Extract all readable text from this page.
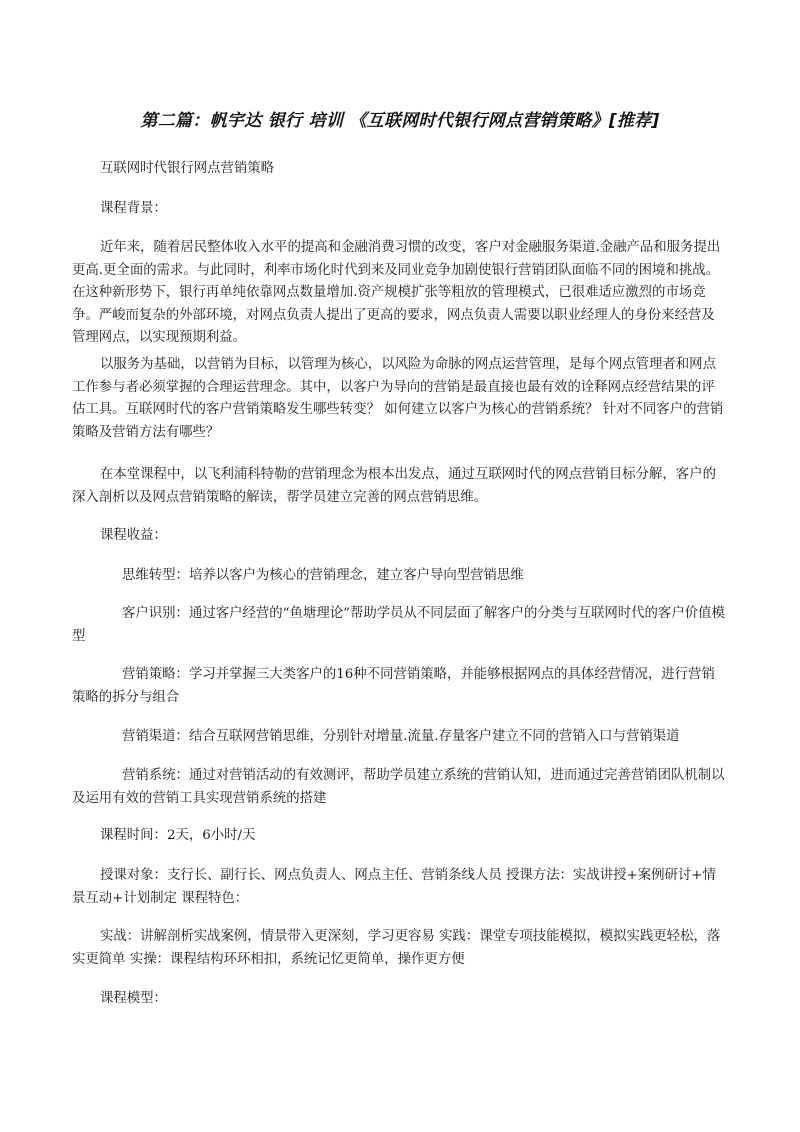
第二篇：帆宇达 银行 培训 《互联网时代银行网点营销策略》[推荐]

互联网时代银行网点营销策略

课程背景：

近年来，随着居民整体收入水平的提高和金融消费习惯的改变，客户对金融服务渠道.金融产品和服务提出更高.更全面的需求。与此同时，利率市场化时代到来及同业竞争加剧使银行营销团队面临不同的困境和挑战。在这种新形势下，银行再单纯依靠网点数量增加.资产规模扩张等粗放的管理模式，已很难适应激烈的市场竞争。严峻而复杂的外部环境，对网点负责人提出了更高的要求，网点负责人需要以职业经理人的身份来经营及管理网点，以实现预期利益。

以服务为基础，以营销为目标，以管理为核心，以风险为命脉的网点运营管理，是每个网点管理者和网点工作参与者必须掌握的合理运营理念。其中，以客户为导向的营销是最直接也最有效的诠释网点经营结果的评估工具。互联网时代的客户营销策略发生哪些转变？ 如何建立以客户为核心的营销系统？ 针对不同客户的营销策略及营销方法有哪些？

在本堂课程中，以飞利浦科特勒的营销理念为根本出发点，通过互联网时代的网点营销目标分解，客户的深入剖析以及网点营销策略的解读，帮学员建立完善的网点营销思维。

课程收益：

思维转型：培养以客户为核心的营销理念，建立客户导向型营销思维

客户识别：通过客户经营的“鱼塘理论”帮助学员从不同层面了解客户的分类与互联网时代的客户价值模型

营销策略：学习并掌握三大类客户的16种不同营销策略，并能够根据网点的具体经营情况，进行营销策略的拆分与组合

营销渠道：结合互联网营销思维，分别针对增量.流量.存量客户建立不同的营销入口与营销渠道

营销系统：通过对营销活动的有效测评，帮助学员建立系统的营销认知，进而通过完善营销团队机制以及运用有效的营销工具实现营销系统的搭建

课程时间：2天，6小时/天

授课对象：支行长、副行长、网点负责人、网点主任、营销条线人员 授课方法：实战讲授+案例研讨+情景互动+计划制定 课程特色：

实战：讲解剖析实战案例，情景带入更深刻，学习更容易 实践：课堂专项技能模拟，模拟实践更轻松，落实更简单 实操：课程结构环环相扣，系统记忆更简单，操作更方便

课程模型：
